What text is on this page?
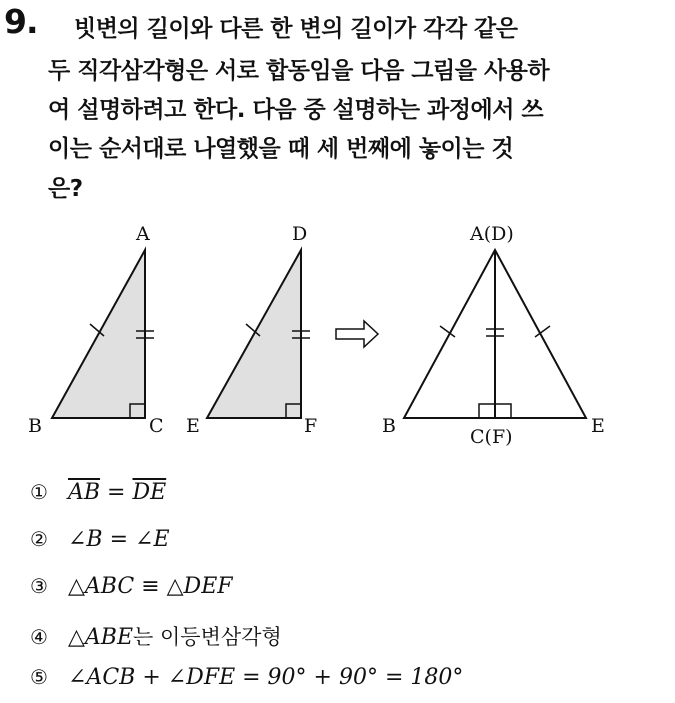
9. 빗변의 길이와 다른 한 변의 길이가 각각 같은
두 직각삼각형은 서로 합동임을 다음 그림을 사용하
여 설명하려고 한다. 다음 중 설명하는 과정에서 쓰
이는 순서대로 나열했을 때 세 번째에 놓이는 것
은?
A
B	C
D
E	F
A(D)
B	C(F)	E
① $\overline{AB} = \overline{DE}$
② ∠B = ∠E
③ △ABC ≡ △DEF
④ △ABE는 이등변삼각형
⑤ ∠ACB + ∠DFE = 90° + 90° = 180°
